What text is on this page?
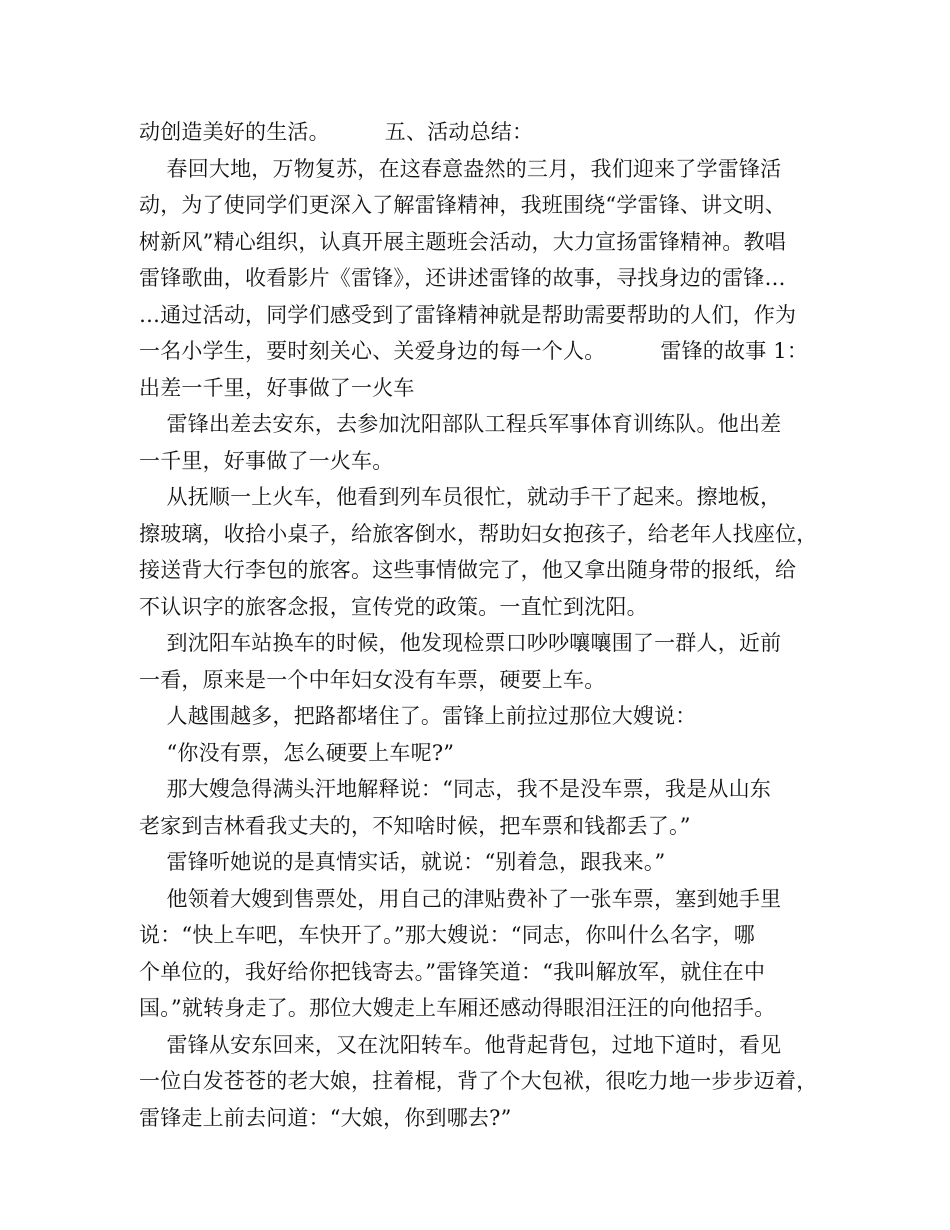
动创造美好的生活。        五、活动总结：
春回大地，万物复苏，在这春意盎然的三月，我们迎来了学雷锋活
动，为了使同学们更深入了解雷锋精神，我班围绕“学雷锋、讲文明、
树新风”精心组织，认真开展主题班会活动，大力宣扬雷锋精神。教唱
雷锋歌曲，收看影片《雷锋》，还讲述雷锋的故事，寻找身边的雷锋…
…通过活动，同学们感受到了雷锋精神就是帮助需要帮助的人们，作为
一名小学生，要时刻关心、关爱身边的每一个人。        雷锋的故事 1：
出差一千里，好事做了一火车
雷锋出差去安东，去参加沈阳部队工程兵军事体育训练队。他出差
一千里，好事做了一火车。
从抚顺一上火车，他看到列车员很忙，就动手干了起来。擦地板，
擦玻璃，收拾小桌子，给旅客倒水，帮助妇女抱孩子，给老年人找座位，
接送背大行李包的旅客。这些事情做完了，他又拿出随身带的报纸，给
不认识字的旅客念报，宣传党的政策。一直忙到沈阳。
到沈阳车站换车的时候，他发现检票口吵吵嚷嚷围了一群人，近前
一看，原来是一个中年妇女没有车票，硬要上车。
人越围越多，把路都堵住了。雷锋上前拉过那位大嫂说：
“你没有票，怎么硬要上车呢?”
那大嫂急得满头汗地解释说：“同志，我不是没车票，我是从山东
老家到吉林看我丈夫的，不知啥时候，把车票和钱都丢了。”
雷锋听她说的是真情实话，就说：“别着急，跟我来。”
他领着大嫂到售票处，用自己的津贴费补了一张车票，塞到她手里
说：“快上车吧，车快开了。”那大嫂说：“同志，你叫什么名字，哪
个单位的，我好给你把钱寄去。”雷锋笑道：“我叫解放军，就住在中
国。”就转身走了。那位大嫂走上车厢还感动得眼泪汪汪的向他招手。
雷锋从安东回来，又在沈阳转车。他背起背包，过地下道时，看见
一位白发苍苍的老大娘，拄着棍，背了个大包袱，很吃力地一步步迈着，
雷锋走上前去问道：“大娘，你到哪去?”
